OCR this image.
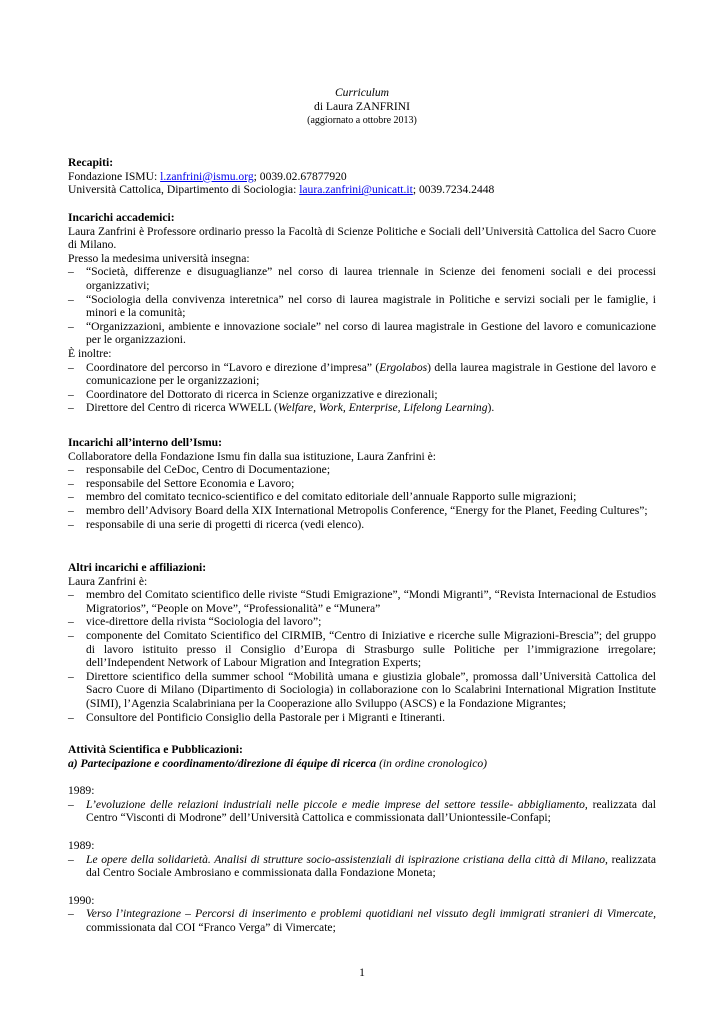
Curriculum
di Laura ZANFRINI
(aggiornato a ottobre 2013)

Recapiti:

Fondazione ISMU: l.zanfrini@ismu.org; 0039.02.67877920

Università Cattolica, Dipartimento di Sociologia: laura.zanfrini@unicatt.it; 0039.7234.2448

Incarichi accademici:

Laura Zanfrini è Professore ordinario presso la Facoltà di Scienze Politiche e Sociali dell’Università Cattolica del Sacro Cuore di Milano.

Presso la medesima università insegna:

– “Società, differenze e disuguaglianze” nel corso di laurea triennale in Scienze dei fenomeni sociali e dei processi organizzativi;
– “Sociologia della convivenza interetnica” nel corso di laurea magistrale in Politiche e servizi sociali per le famiglie, i minori e la comunità;
– “Organizzazioni, ambiente e innovazione sociale” nel corso di laurea magistrale in Gestione del lavoro e comunicazione per le organizzazioni.

È inoltre:

– Coordinatore del percorso in “Lavoro e direzione d’impresa” (Ergolabos) della laurea magistrale in Gestione del lavoro e comunicazione per le organizzazioni;
– Coordinatore del Dottorato di ricerca in Scienze organizzative e direzionali;
– Direttore del Centro di ricerca WWELL (Welfare, Work, Enterprise, Lifelong Learning).

Incarichi all’interno dell’Ismu:

Collaboratore della Fondazione Ismu fin dalla sua istituzione, Laura Zanfrini è:

– responsabile del CeDoc, Centro di Documentazione;
– responsabile del Settore Economia e Lavoro;
– membro del comitato tecnico-scientifico e del comitato editoriale dell’annuale Rapporto sulle migrazioni;
– membro dell’Advisory Board della XIX International Metropolis Conference, “Energy for the Planet, Feeding Cultures”;
– responsabile di una serie di progetti di ricerca (vedi elenco).

Altri incarichi e affiliazioni:

Laura Zanfrini è:

– membro del Comitato scientifico delle riviste “Studi Emigrazione”, “Mondi Migranti”, “Revista Internacional de Estudios Migratorios”, “People on Move”, “Professionalità” e “Munera”
– vice-direttore della rivista “Sociologia del lavoro”;
– componente del Comitato Scientifico del CIRMIB, “Centro di Iniziative e ricerche sulle Migrazioni-Brescia”; del gruppo di lavoro istituito presso il Consiglio d’Europa di Strasburgo sulle Politiche per l’immigrazione irregolare; dell’Independent Network of Labour Migration and Integration Experts;
– Direttore scientifico della summer school “Mobilità umana e giustizia globale”, promossa dall’Università Cattolica del Sacro Cuore di Milano (Dipartimento di Sociologia) in collaborazione con lo Scalabrini International Migration Institute (SIMI), l’Agenzia Scalabriniana per la Cooperazione allo Sviluppo (ASCS) e la Fondazione Migrantes;
– Consultore del Pontificio Consiglio della Pastorale per i Migranti e Itineranti.

Attività Scientifica e Pubblicazioni:

a) Partecipazione e coordinamento/direzione di équipe di ricerca (in ordine cronologico)

1989:

– L’evoluzione delle relazioni industriali nelle piccole e medie imprese del settore tessile- abbigliamento, realizzata dal Centro “Visconti di Modrone” dell’Università Cattolica e commissionata dall’Uniontessile-Confapi;

1989:

– Le opere della solidarietà. Analisi di strutture socio-assistenziali di ispirazione cristiana della città di Milano, realizzata dal Centro Sociale Ambrosiano e commissionata dalla Fondazione Moneta;

1990:

– Verso l’integrazione – Percorsi di inserimento e problemi quotidiani nel vissuto degli immigrati stranieri di Vimercate, commissionata dal COI “Franco Verga” di Vimercate;
1
